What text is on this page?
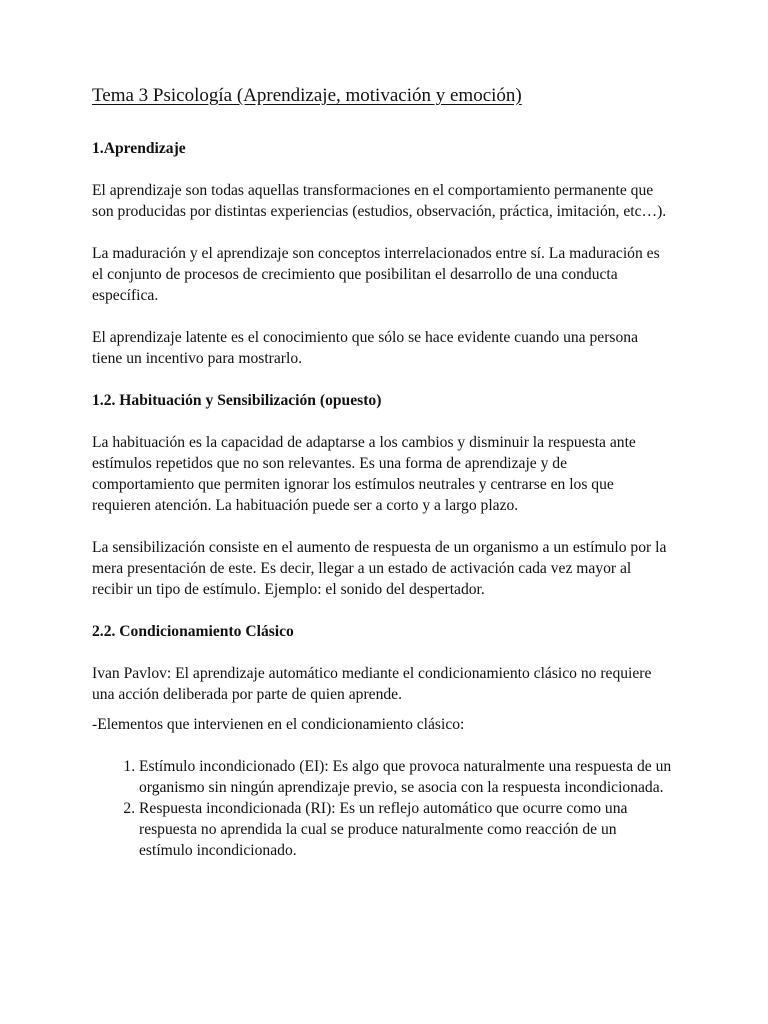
Tema 3 Psicología (Aprendizaje, motivación y emoción)
1.Aprendizaje

El aprendizaje son todas aquellas transformaciones en el comportamiento permanente que son producidas por distintas experiencias (estudios, observación, práctica, imitación, etc…).

La maduración y el aprendizaje son conceptos interrelacionados entre sí. La maduración es el conjunto de procesos de crecimiento que posibilitan el desarrollo de una conducta específica.

El aprendizaje latente es el conocimiento que sólo se hace evidente cuando una persona tiene un incentivo para mostrarlo.

1.2. Habituación y Sensibilización (opuesto)

La habituación es la capacidad de adaptarse a los cambios y disminuir la respuesta ante estímulos repetidos que no son relevantes. Es una forma de aprendizaje y de comportamiento que permiten ignorar los estímulos neutrales y centrarse en los que requieren atención. La habituación puede ser a corto y a largo plazo.

La sensibilización consiste en el aumento de respuesta de un organismo a un estímulo por la mera presentación de este. Es decir, llegar a un estado de activación cada vez mayor al recibir un tipo de estímulo. Ejemplo: el sonido del despertador.

2.2. Condicionamiento Clásico

Ivan Pavlov: El aprendizaje automático mediante el condicionamiento clásico no requiere una acción deliberada por parte de quien aprende.

-Elementos que intervienen en el condicionamiento clásico:

1. Estímulo incondicionado (EI): Es algo que provoca naturalmente una respuesta de un organismo sin ningún aprendizaje previo, se asocia con la respuesta incondicionada.
2. Respuesta incondicionada (RI): Es un reflejo automático que ocurre como una respuesta no aprendida la cual se produce naturalmente como reacción de un estímulo incondicionado.
